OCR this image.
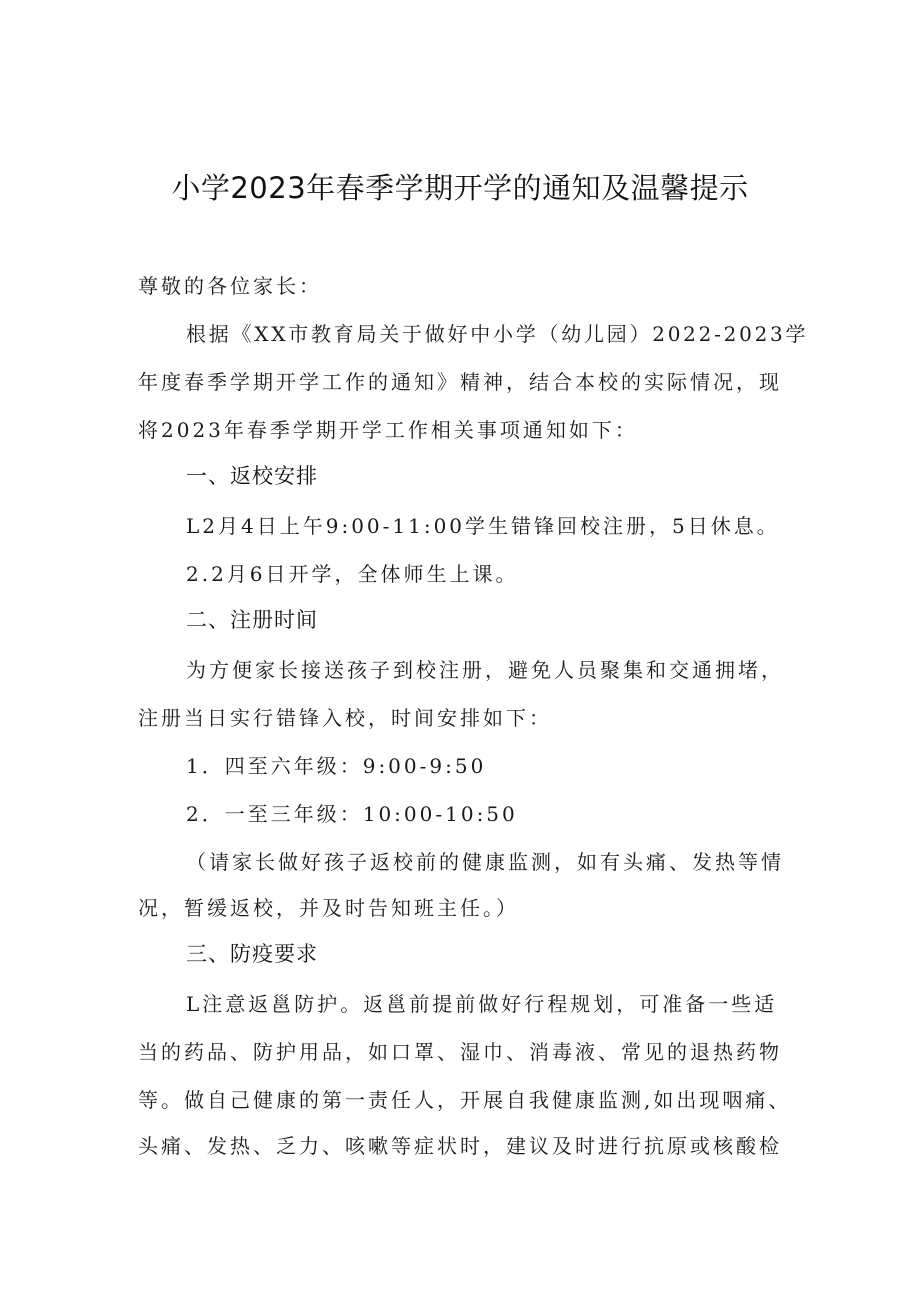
小学2023年春季学期开学的通知及温馨提示
尊敬的各位家长：
根据《XX市教育局关于做好中小学（幼儿园）2022-2023学
年度春季学期开学工作的通知》精神，结合本校的实际情况，现
将2023年春季学期开学工作相关事项通知如下：
一、返校安排
L2月4日上午9:00-11:00学生错锋回校注册，5日休息。
2.2月6日开学，全体师生上课。
二、注册时间
为方便家长接送孩子到校注册，避免人员聚集和交通拥堵，
注册当日实行错锋入校，时间安排如下：
1．四至六年级：9:00-9:50
2．一至三年级：10:00-10:50
（请家长做好孩子返校前的健康监测，如有头痛、发热等情
况，暂缓返校，并及时告知班主任。）
三、防疫要求
L注意返邕防护。返邕前提前做好行程规划，可准备一些适
当的药品、防护用品，如口罩、湿巾、消毒液、常见的退热药物
等。做自己健康的第一责任人，开展自我健康监测,如出现咽痛、
头痛、发热、乏力、咳嗽等症状时，建议及时进行抗原或核酸检
